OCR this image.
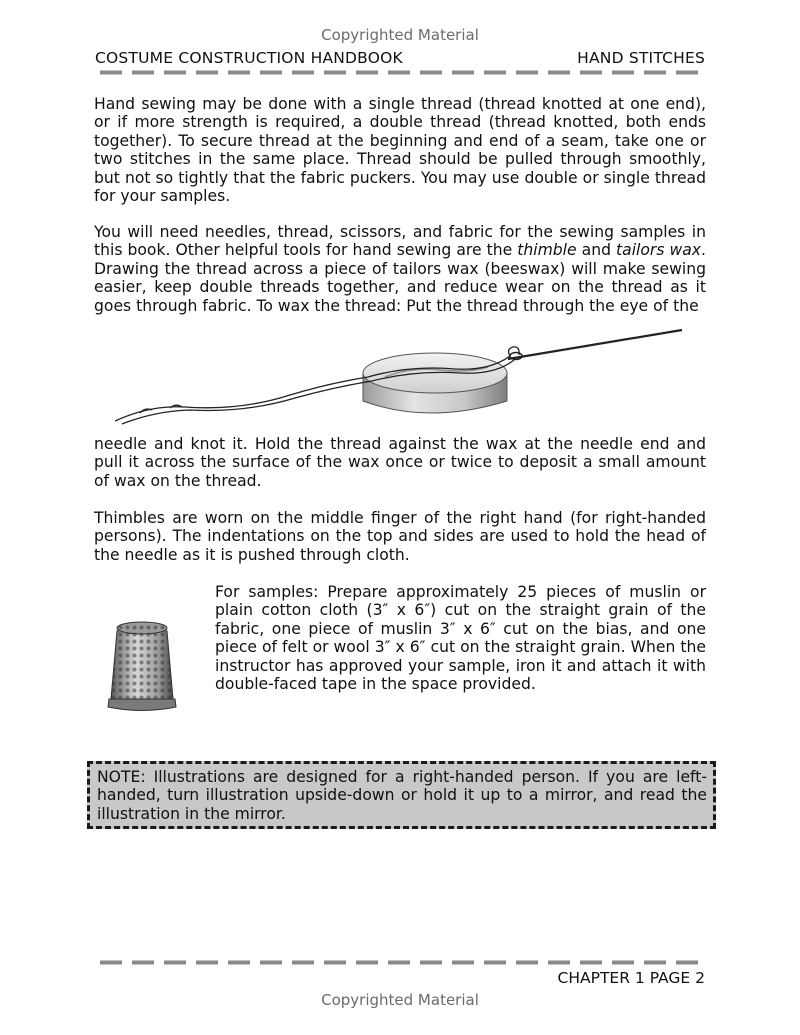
Copyrighted Material
COSTUME CONSTRUCTION HANDBOOK	HAND STITCHES

Hand sewing may be done with a single thread (thread knotted at one end), or if more strength is required, a double thread (thread knotted, both ends together). To secure thread at the beginning and end of a seam, take one or two stitches in the same place. Thread should be pulled through smoothly, but not so tightly that the fabric puckers. You may use double or single thread for your samples.

You will need needles, thread, scissors, and fabric for the sewing samples in this book. Other helpful tools for hand sewing are the thimble and tailors wax. Drawing the thread across a piece of tailors wax (beeswax) will make sewing easier, keep double threads together, and reduce wear on the thread as it goes through fabric. To wax the thread: Put the thread through the eye of the

needle and knot it. Hold the thread against the wax at the needle end and pull it across the surface of the wax once or twice to deposit a small amount of wax on the thread.

Thimbles are worn on the middle finger of the right hand (for right-handed persons). The indentations on the top and sides are used to hold the head of the needle as it is pushed through cloth.

For samples: Prepare approximately 25 pieces of muslin or plain cotton cloth (3″ x 6″) cut on the straight grain of the fabric, one piece of muslin 3″ x 6″ cut on the bias, and one piece of felt or wool 3″ x 6″ cut on the straight grain. When the instructor has approved your sample, iron it and attach it with double-faced tape in the space provided.

NOTE: Illustrations are designed for a right-handed person. If you are left-handed, turn illustration upside-down or hold it up to a mirror, and read the illustration in the mirror.

CHAPTER 1 PAGE 2
Copyrighted Material
